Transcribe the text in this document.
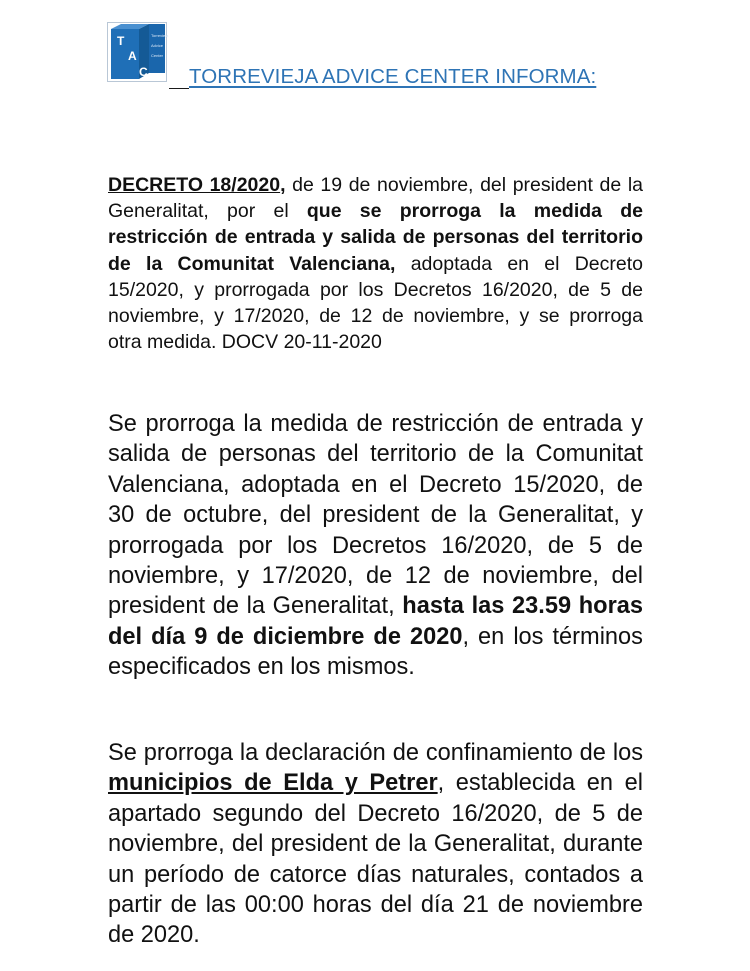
T
A
C
Torrevieja
Advice
Center
TORREVIEJA ADVICE CENTER INFORMA:
DECRETO 18/2020, de 19 de noviembre, del president de la Generalitat, por el que se prorroga la medida de restricción de entrada y salida de personas del territorio de la Comunitat Valenciana, adoptada en el Decreto 15/2020, y prorrogada por los Decretos 16/2020, de 5 de noviembre, y 17/2020, de 12 de noviembre, y se prorroga otra medida. DOCV 20-11-2020
Se prorroga la medida de restricción de entrada y salida de personas del territorio de la Comunitat Valenciana, adoptada en el Decreto 15/2020, de 30 de octubre, del president de la Generalitat, y prorrogada por los Decretos 16/2020, de 5 de noviembre, y 17/2020, de 12 de noviembre, del president de la Generalitat, hasta las 23.59 horas del día 9 de diciembre de 2020, en los términos especificados en los mismos.
Se prorroga la declaración de confinamiento de los municipios de Elda y Petrer, establecida en el apartado segundo del Decreto 16/2020, de 5 de noviembre, del president de la Generalitat, durante un período de catorce días naturales, contados a partir de las 00:00 horas del día 21 de noviembre de 2020.
